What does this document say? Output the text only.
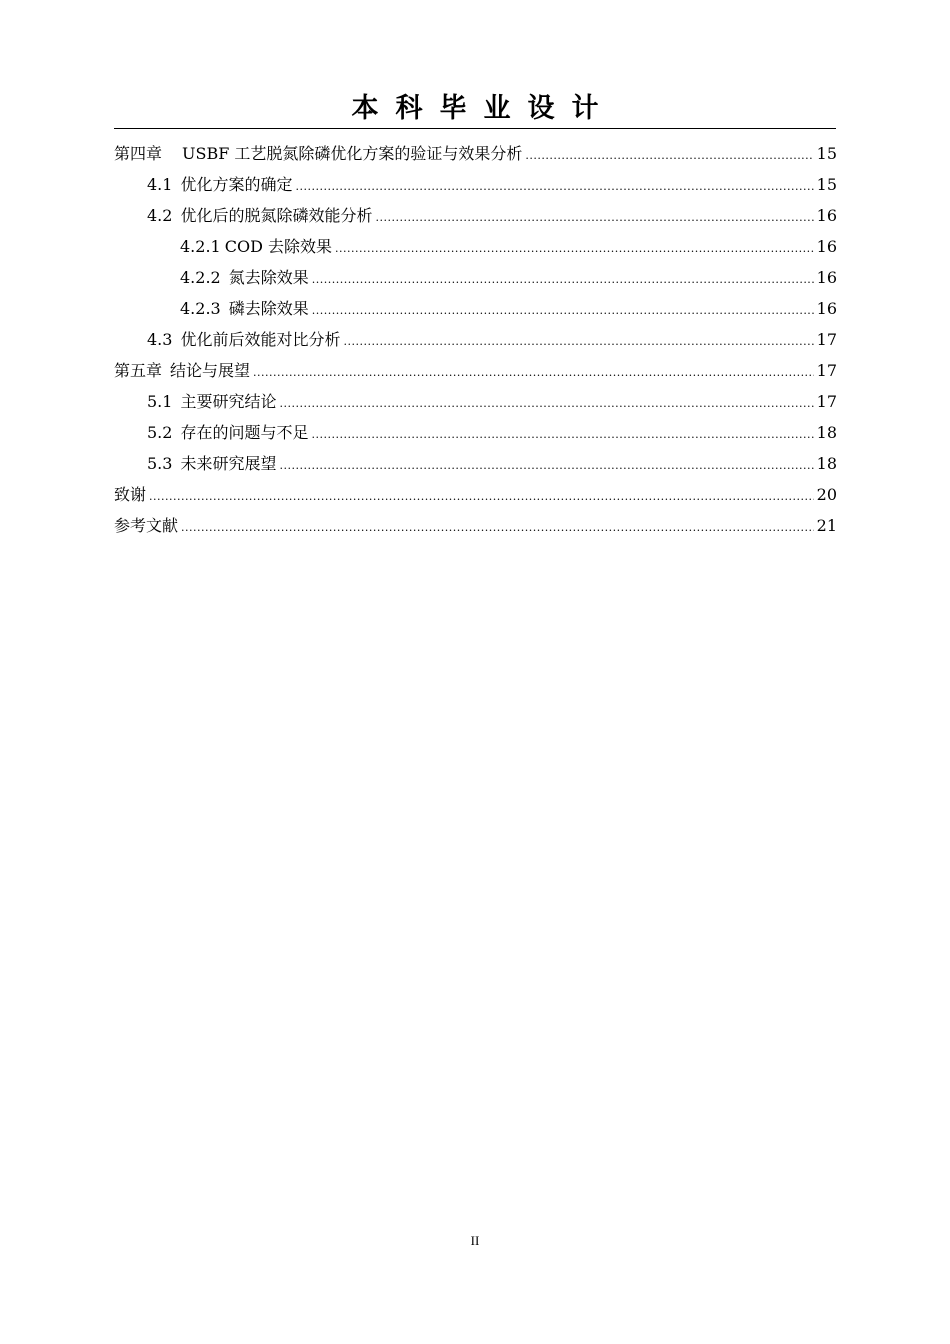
本科毕业设计
第四章 USBF 工艺脱氮除磷优化方案的验证与效果分析 .....	15
4.1 优化方案的确定 .....	15
4.2 优化后的脱氮除磷效能分析 .....	16
4.2.1 COD 去除效果 .....	16
4.2.2 氮去除效果 .....	16
4.2.3 磷去除效果 .....	16
4.3 优化前后效能对比分析 .....	17
第五章 结论与展望 .....	17
5.1 主要研究结论 .....	17
5.2 存在的问题与不足 .....	18
5.3 未来研究展望 .....	18
致谢 .....	20
参考文献 .....	21
II
